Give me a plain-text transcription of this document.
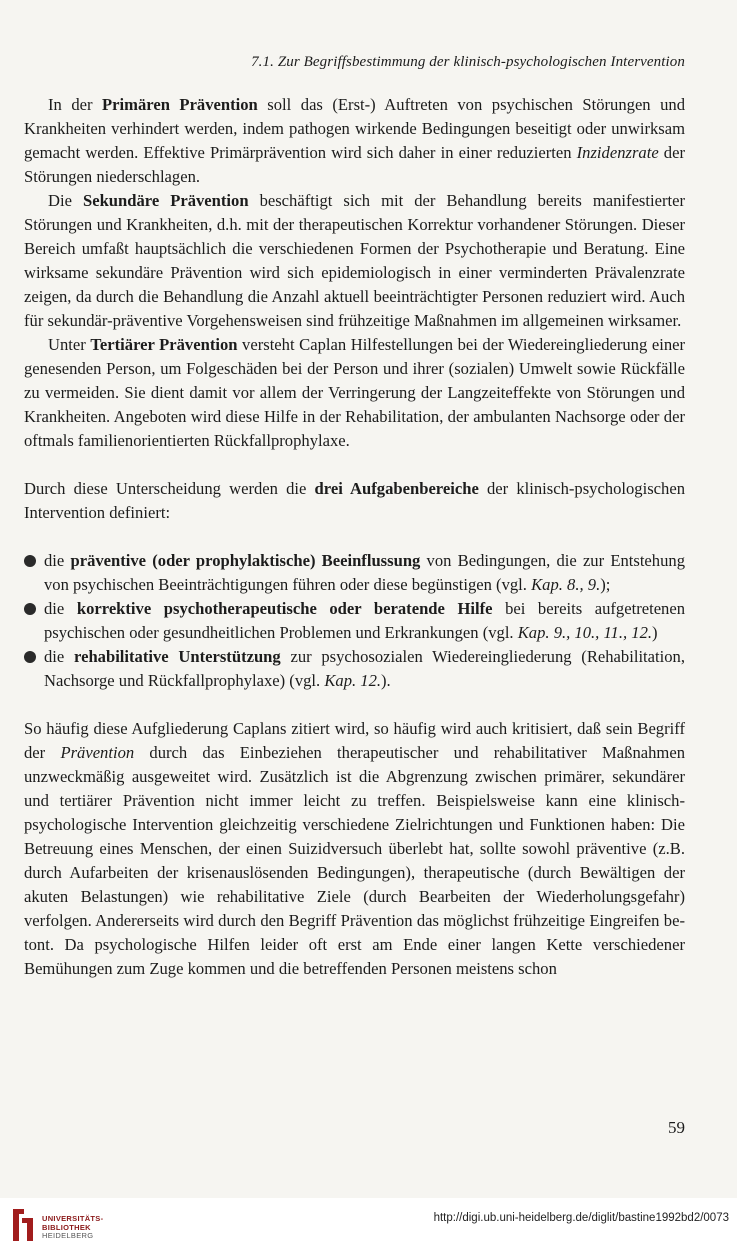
7.1. Zur Begriffsbestimmung der klinisch-psychologischen Intervention

In der Primären Prävention soll das (Erst-) Auftreten von psychischen Störungen und Krankheiten verhindert werden, indem pathogen wirkende Bedingungen beseitigt oder unwirksam gemacht werden. Effektive Primärprävention wird sich daher in einer reduzierten Inzidenzrate der Störungen niederschlagen.

Die Sekundäre Prävention beschäftigt sich mit der Behandlung bereits manifestierter Störungen und Krankheiten, d.h. mit der therapeutischen Korrektur vorhandener Störungen. Dieser Bereich umfaßt hauptsächlich die verschiedenen Formen der Psychotherapie und Beratung. Eine wirksame sekundäre Prävention wird sich epidemiologisch in einer verminderten Prävalenzrate zeigen, da durch die Behandlung die Anzahl aktuell beeinträchtigter Personen reduziert wird. Auch für sekundär-präventive Vorgehensweisen sind frühzeitige Maßnahmen im allgemeinen wirksamer.

Unter Tertiärer Prävention versteht Caplan Hilfestellungen bei der Wiedereingliederung einer genesenden Person, um Folgeschäden bei der Person und ihrer (sozialen) Umwelt sowie Rückfälle zu vermeiden. Sie dient damit vor allem der Verringerung der Langzeiteffekte von Störungen und Krankheiten. Angeboten wird diese Hilfe in der Rehabilitation, der ambulanten Nachsorge oder der oftmals familienorientierten Rückfallprophylaxe.

Durch diese Unterscheidung werden die drei Aufgabenbereiche der klinisch-psychologischen Intervention definiert:

die präventive (oder prophylaktische) Beeinflussung von Bedingungen, die zur Entstehung von psychischen Beeinträchtigungen führen oder diese begünstigen (vgl. Kap. 8., 9.);
die korrektive psychotherapeutische oder beratende Hilfe bei bereits aufgetretenen psychischen oder gesundheitlichen Problemen und Erkrankungen (vgl. Kap. 9., 10., 11., 12.)
die rehabilitative Unterstützung zur psychosozialen Wiedereingliederung (Rehabilitation, Nachsorge und Rückfallprophylaxe) (vgl. Kap. 12.).

So häufig diese Aufgliederung Caplans zitiert wird, so häufig wird auch kritisiert, daß sein Begriff der Prävention durch das Einbeziehen therapeutischer und rehabilitativer Maßnahmen unzweckmäßig ausgeweitet wird. Zusätzlich ist die Abgrenzung zwischen primärer, sekundärer und tertiärer Prävention nicht immer leicht zu treffen. Beispielsweise kann eine klinisch-psychologische Intervention gleichzeitig verschiedene Zielrichtungen und Funktionen haben: Die Betreuung eines Menschen, der einen Suizidversuch überlebt hat, sollte sowohl präventive (z.B. durch Aufarbeiten der krisenauslösenden Bedingungen), therapeutische (durch Bewältigen der akuten Belastungen) wie rehabilitative Ziele (durch Bearbeiten der Wiederholungsgefahr) verfolgen. Andererseits wird durch den Begriff Prävention das möglichst frühzeitige Eingreifen betont. Da psychologische Hilfen leider oft erst am Ende einer langen Kette verschiedener Bemühungen zum Zuge kommen und die betreffenden Personen meistens schon

59
UNIVERSITÄTS-
BIBLIOTHEK
HEIDELBERG
http://digi.ub.uni-heidelberg.de/diglit/bastine1992bd2/0073
